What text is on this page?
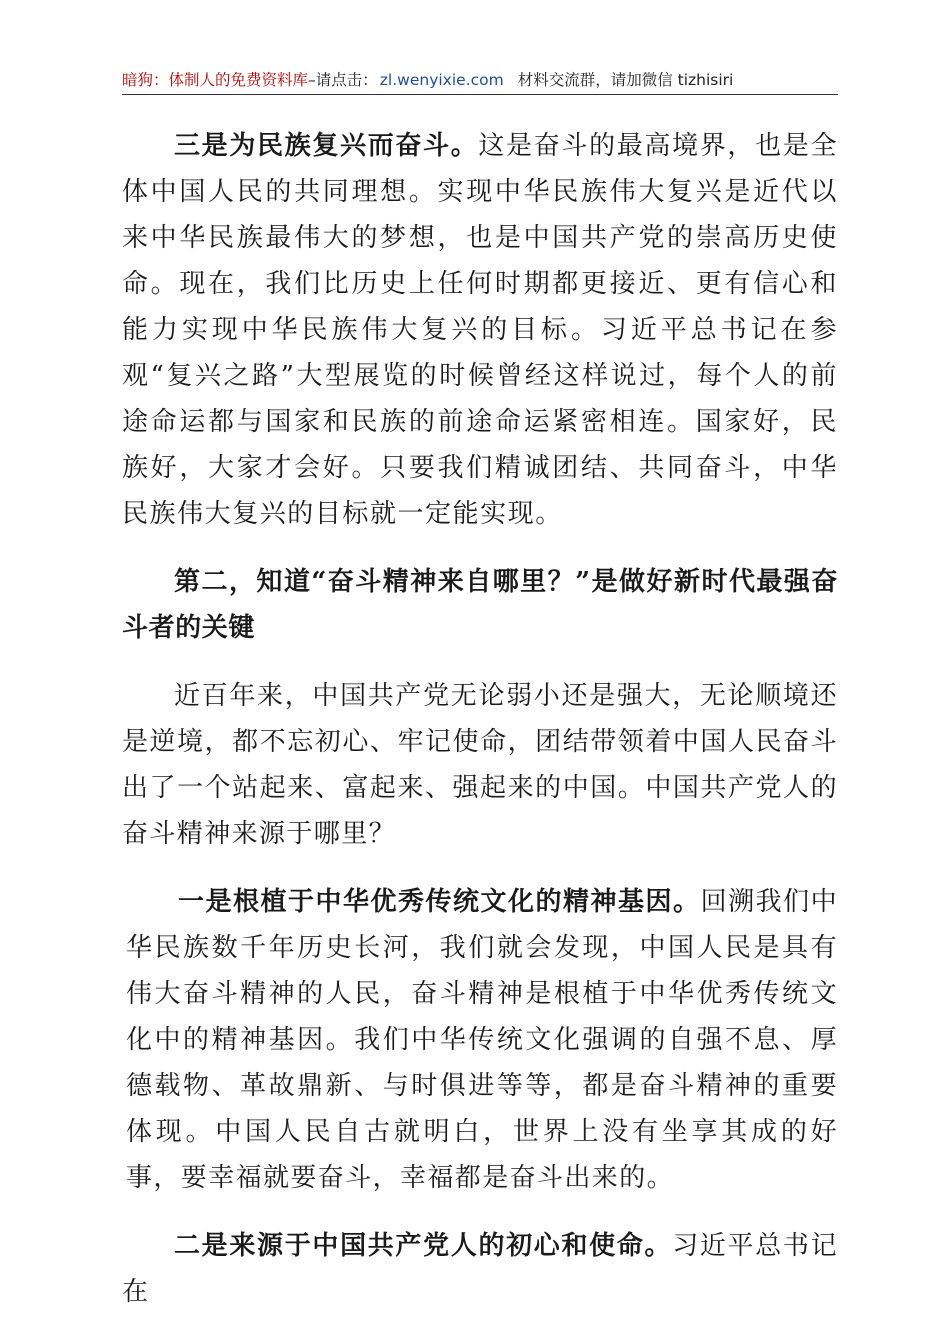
暗狗：体制人的免费资料库–请点击： zl.wenyixie.com 材料交流群，请加微信 tizhisiri

三是为民族复兴而奋斗。这是奋斗的最高境界，也是全体中国人民的共同理想。实现中华民族伟大复兴是近代以来中华民族最伟大的梦想，也是中国共产党的崇高历史使命。现在，我们比历史上任何时期都更接近、更有信心和能力实现中华民族伟大复兴的目标。习近平总书记在参观“复兴之路”大型展览的时候曾经这样说过，每个人的前途命运都与国家和民族的前途命运紧密相连。国家好，民族好，大家才会好。只要我们精诚团结、共同奋斗，中华民族伟大复兴的目标就一定能实现。

第二，知道“奋斗精神来自哪里？”是做好新时代最强奋斗者的关键

近百年来，中国共产党无论弱小还是强大，无论顺境还是逆境，都不忘初心、牢记使命，团结带领着中国人民奋斗出了一个站起来、富起来、强起来的中国。中国共产党人的奋斗精神来源于哪里？

一是根植于中华优秀传统文化的精神基因。回溯我们中华民族数千年历史长河，我们就会发现，中国人民是具有伟大奋斗精神的人民，奋斗精神是根植于中华优秀传统文化中的精神基因。我们中华传统文化强调的自强不息、厚德载物、革故鼎新、与时俱进等等，都是奋斗精神的重要体现。中国人民自古就明白，世界上没有坐享其成的好事，要幸福就要奋斗，幸福都是奋斗出来的。

二是来源于中国共产党人的初心和使命。习近平总书记在
